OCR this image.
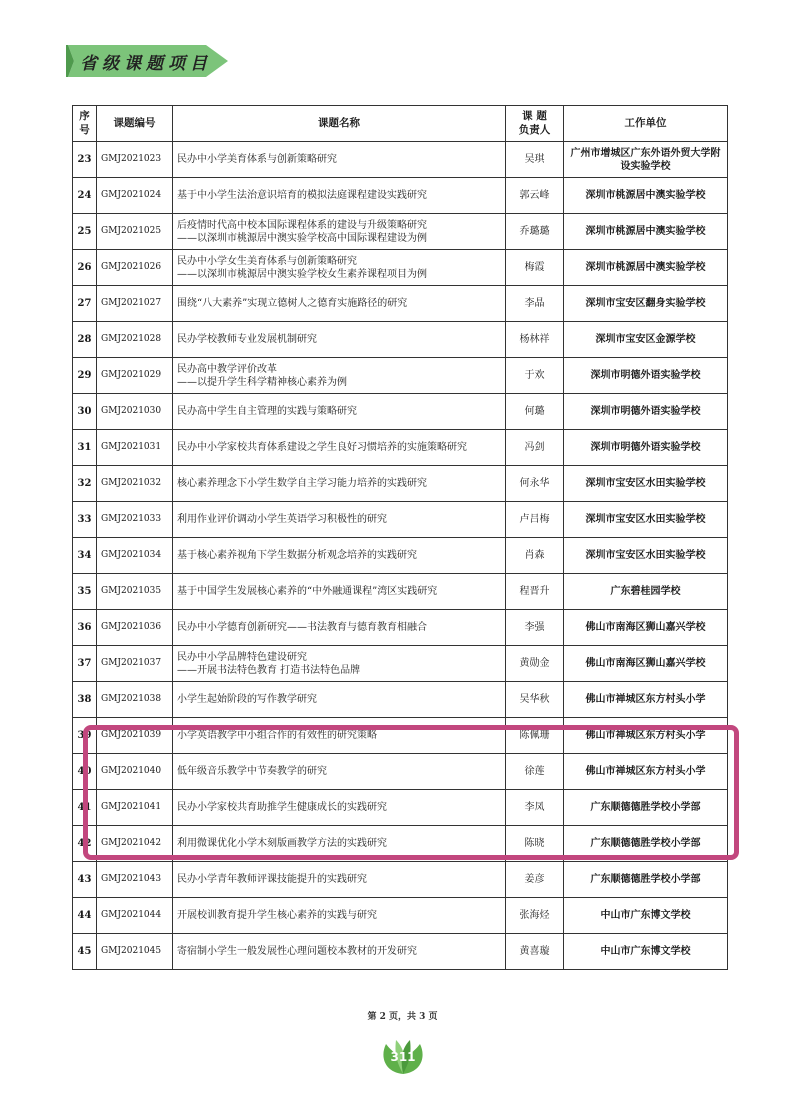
省级课题项目
序号	课题编号	课题名称	课 题
负责人	工作单位
23	GMJ2021023	民办中小学美育体系与创新策略研究	吴琪	广州市增城区广东外语外贸大学附设实验学校
24	GMJ2021024	基于中小学生法治意识培育的模拟法庭课程建设实践研究	郭云峰	深圳市桃源居中澳实验学校
25	GMJ2021025	后疫情时代高中校本国际课程体系的建设与升级策略研究
——以深圳市桃源居中澳实验学校高中国际课程建设为例	乔璐璐	深圳市桃源居中澳实验学校
26	GMJ2021026	民办中小学女生美育体系与创新策略研究
——以深圳市桃源居中澳实验学校女生素养课程项目为例	梅霞	深圳市桃源居中澳实验学校
27	GMJ2021027	围绕“八大素养”实现立德树人之德育实施路径的研究	李晶	深圳市宝安区翻身实验学校
28	GMJ2021028	民办学校教师专业发展机制研究	杨林祥	深圳市宝安区金源学校
29	GMJ2021029	民办高中教学评价改革
——以提升学生科学精神核心素养为例	于欢	深圳市明德外语实验学校
30	GMJ2021030	民办高中学生自主管理的实践与策略研究	何璐	深圳市明德外语实验学校
31	GMJ2021031	民办中小学家校共育体系建设之学生良好习惯培养的实施策略研究	冯剑	深圳市明德外语实验学校
32	GMJ2021032	核心素养理念下小学生数学自主学习能力培养的实践研究	何永华	深圳市宝安区水田实验学校
33	GMJ2021033	利用作业评价调动小学生英语学习积极性的研究	卢吕梅	深圳市宝安区水田实验学校
34	GMJ2021034	基于核心素养视角下学生数据分析观念培养的实践研究	肖森	深圳市宝安区水田实验学校
35	GMJ2021035	基于中国学生发展核心素养的“中外融通课程”湾区实践研究	程晋升	广东碧桂园学校
36	GMJ2021036	民办中小学德育创新研究——书法教育与德育教育相融合	李强	佛山市南海区狮山嘉兴学校
37	GMJ2021037	民办中小学品牌特色建设研究
——开展书法特色教育 打造书法特色品牌	黄勋金	佛山市南海区狮山嘉兴学校
38	GMJ2021038	小学生起始阶段的写作教学研究	吴华秋	佛山市禅城区东方村头小学
39	GMJ2021039	小学英语教学中小组合作的有效性的研究策略	陈佩珊	佛山市禅城区东方村头小学
40	GMJ2021040	低年级音乐教学中节奏教学的研究	徐莲	佛山市禅城区东方村头小学
41	GMJ2021041	民办小学家校共育助推学生健康成长的实践研究	李凤	广东顺德德胜学校小学部
42	GMJ2021042	利用微课优化小学木刻版画教学方法的实践研究	陈晓	广东顺德德胜学校小学部
43	GMJ2021043	民办小学青年教师评课技能提升的实践研究	姜彦	广东顺德德胜学校小学部
44	GMJ2021044	开展校训教育提升学生核心素养的实践与研究	张海烃	中山市广东博文学校
45	GMJ2021045	寄宿制小学生一般发展性心理问题校本教材的开发研究	黄喜璇	中山市广东博文学校
第 2 页，共 3 页
311
